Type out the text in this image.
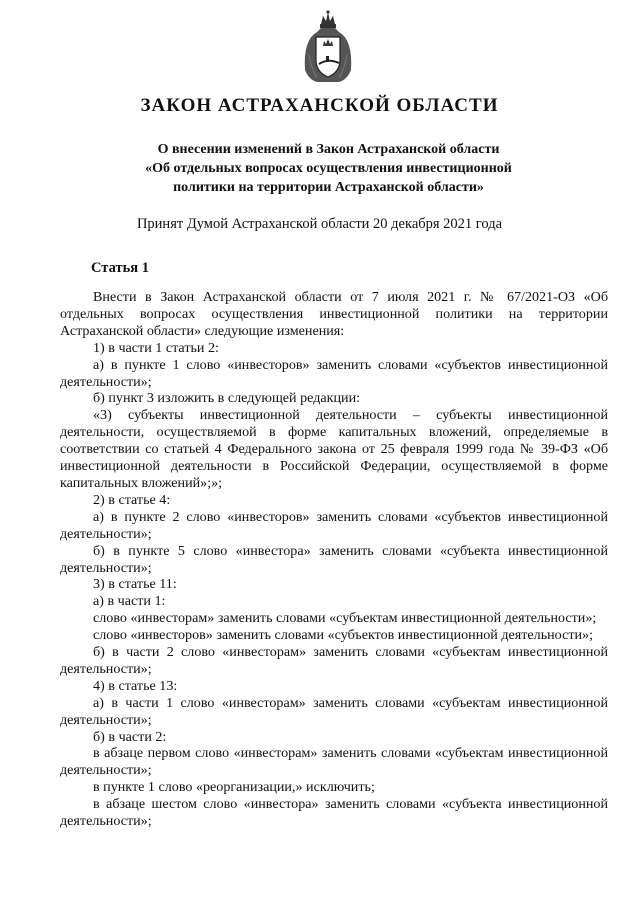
ЗАКОН АСТРАХАНСКОЙ ОБЛАСТИ
О внесении изменений в Закон Астраханской области
«Об отдельных вопросах осуществления инвестиционной
политики на территории Астраханской области»
Принят Думой Астраханской области 20 декабря 2021 года
Статья 1

Внести в Закон Астраханской области от 7 июля 2021 г. № 67/2021-ОЗ «Об отдельных вопросах осуществления инвестиционной политики на территории Астраханской области» следующие изменения:

1) в части 1 статьи 2:

а) в пункте 1 слово «инвесторов» заменить словами «субъектов инвестиционной деятельности»;

б) пункт 3 изложить в следующей редакции:

«3) субъекты инвестиционной деятельности – субъекты инвестиционной деятельности, осуществляемой в форме капитальных вложений, определяемые в соответствии со статьей 4 Федерального закона от 25 февраля 1999 года № 39-ФЗ «Об инвестиционной деятельности в Российской Федерации, осуществляемой в форме капитальных вложений»;»;

2) в статье 4:

а) в пункте 2 слово «инвесторов» заменить словами «субъектов инвестиционной деятельности»;

б) в пункте 5 слово «инвестора» заменить словами «субъекта инвестиционной деятельности»;

3) в статье 11:

а) в части 1:

слово «инвесторам» заменить словами «субъектам инвестиционной деятельности»;

слово «инвесторов» заменить словами «субъектов инвестиционной деятельности»;

б) в части 2 слово «инвесторам» заменить словами «субъектам инвестиционной деятельности»;

4) в статье 13:

а) в части 1 слово «инвесторам» заменить словами «субъектам инвестиционной деятельности»;

б) в части 2:

в абзаце первом слово «инвесторам» заменить словами «субъектам инвестиционной деятельности»;

в пункте 1 слово «реорганизации,» исключить;

в абзаце шестом слово «инвестора» заменить словами «субъекта инвестиционной деятельности»;
